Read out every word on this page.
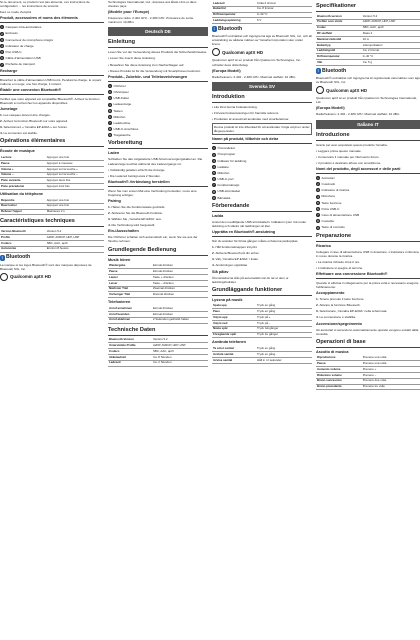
Si ce document, ce produit n'est pas alimenté, ces instructions de configuration ... les instructions de sécurité

lisez ce mode d'emploi

Produit, accessoires et noms des éléments
1 Casques intra-auriculaires
2 Embouts
3 Connecteur de microphone intégré
4 Indicateur de charge
5 Port USB-C
6 Câble d'alimentation USB
7 Pochette de transport
Recharge

Branchez le câble d'alimentation USB fourni. Pendant la charge, le voyant s'allume en rouge; une fois chargé, il s'éteint.

Établir une connexion Bluetooth®

Vérifiez que votre appareil est compatible Bluetooth®. Activez la fonction Bluetooth et recherchez les appareils disponibles.

Jumelage
1. Les casques doivent être chargés.
2. Activez la fonction Bluetooth sur votre appareil.
3. Sélectionnez « Yamaha EP-E30A » sur l'écran.
4. La connexion est établie.
Opérations élémentaires
Écoute de musique
Lecture	Appuyez une fois
Pause	Appuyez à nouveau
Volume +	Appuyez sur la touche +
Volume −	Appuyez sur la touche −
Piste suivante	Appuyez deux fois
Piste précédente	Appuyez trois fois
Utilisation du téléphone
Répondre	Appuyez une fois
Raccrocher	Appuyez une fois
Refuser l'appel	Maintenez 2 s
Caractéristiques techniques
Version Bluetooth	Version 5.2
Profils	A2DP, AVRCP, HFP, HSP
Codecs	SBC, AAC, aptX
Autonomie	Environ 8 heures
ᛒ Bluetooth

La marque et les logos Bluetooth® sont des marques déposées de Bluetooth SIG, Inc.

Qualcomm aptX HD

Technologies International, Ltd., déposée aux États-Unis et dans d'autres pays.

(Modèle pour l'Europe)

Fréquence radio: 2.402 GHz - 2.480 GHz. Puissance de sortie maximum: 10 dBm

Deutsch DE
Einleitung

Lesen Sie vor der Verwendung dieses Produkts die Sicherheitshinweise.

• Lesen Sie zuerst diese Anleitung.
• Bewahren Sie diese Anleitung zum Nachschlagen auf.
• Dieses Produkt ist für die Verwendung mit Smartphones bestimmt.
Produkt-, Zubehör- und Teilebezeichnungen
1 Ohrhörer
2 Ohrstöpsel
3 USB-Kabel
4 Ladeanzeige
5 Tasten
6 Mikrofon
7 Ladebuchse
8 USB-C-Anschluss
9 Tragetasche
Vorbereitung
Laden

Schließen Sie das mitgelieferte USB-Stromversorgungskabel an. Die Ladeanzeige leuchtet während des Ladevorgangs rot.

• Vollständig geladen erlischt die Anzeige.
• Die Ladezeit beträgt etwa 2 Stunden.
Bluetooth®-Verbindung herstellen

Wenn Sie zum ersten Mal eine Verbindung herstellen, muss eine Kopplung erfolgen.

Pairing
1. Halten Sie die Funktionstaste gedrückt.
2. Aktivieren Sie die Bluetooth-Funktion.
3. Wählen Sie „Yamaha EP-E30A“ aus.
4. Die Verbindung wird hergestellt.
Ein-/Ausschalten

Die Ohrhörer schalten sich automatisch ein, wenn Sie sie aus der Tasche nehmen.

Grundlegende Bedienung
Musik hören
Wiedergabe	Einmal drücken
Pause	Einmal drücken
Lauter	Taste + drücken
Leiser	Taste − drücken
Nächster Titel	Zweimal drücken
Vorheriger Titel	Dreimal drücken
Telefonieren
Anruf annehmen	Einmal drücken
Anruf beenden	Einmal drücken
Anruf ablehnen	2 Sekunden gedrückt halten
Technische Daten
Bluetooth-Version	Version 5.2
Unterstützte Profile	A2DP, AVRCP, HFP, HSP
Codecs	SBC, AAC, aptX
Akkulaufzeit	Ca. 8 Stunden
Ladezeit	Ca. 2 Stunden
Ladezeit	Cirka 2 timmar
Batteritid	Ca. 8 timmar
Driftstemperatur	0–40 °C
Laddningsspänning	5 V
ᛒ Bluetooth

Bluetooth®-ordmärket och logotyperna ägs av Bluetooth SIG, Inc. och all användning av sådana märken av Yamaha Corporation sker under licens.

Qualcomm aptX HD

Qualcomm aptX är en produkt från Qualcomm Technologies, Inc. och/eller dess dotterbolag.

(Europa Modell)

Radiofrekvens: 2.402 - 2.480 GHz. Maximal uteffekt: 10 dBm

Svenska SV
Introduktion
• Läs först denna bruksanvisning.
• Förvara bruksanvisningen för framtida referens.
• Produkten är avsedd att användas med smarttelefoner.

Denna produkt är inte tillverkad för att användas i höga volymer under långa perioder.

Namn på produkt, tillbehör och delar
1 Öronsnäckor
2 Öronproppar
3 Indikator för laddning
4 Laddare
5 Mikrofon
6 USB-C-port
7 Funktionsknapp
8 USB-strömkabel
9 Bärväska
Förberedande
Ladda

Anslut den medföljande USB-strömkabeln. Indikatorn lyser rött under laddning och släcks när laddningen är klar.

Upprätta en Bluetooth®-anslutning

När du ansluter för första gången måste enheterna parkopplas.

1. Håll funktionsknappen intryckt.
2. Aktivera Bluetooth på din enhet.
3. Välj „Yamaha EP-E30A“ i listan.
4. Anslutningen upprättas.
Slå på/av

Öronsnäckorna slås på automatiskt när du tar ut dem ur laddningsfodralet.

Grundläggande funktioner
Lyssna på musik
Spela upp	Tryck en gång
Paus	Tryck en gång
Volym upp	Tryck på +
Volym ned	Tryck på −
Nästa spår	Tryck två gånger
Föregående spår	Tryck tre gånger
Använda telefonen
Ta emot samtal	Tryck en gång
Avsluta samtal	Tryck en gång
Avvisa samtal	Håll in i 2 sekunder
Specifikationer
Bluetooth-version	Version 5.2
Profiler som stöds	A2DP, AVRCP, HFP, HSP
Codec	SBC, AAC, aptX
RF uteffekt	Klass 2
Maximal räckvidd	10 m
Batterityp	Litiumjonbatteri
Laddningstid	Ca. 2 timmar
Driftstemperatur	0–40 °C
Vikt	Ca. 5 g
ᛒ Bluetooth

Bluetooth®-ordmärket och logotyperna är registrerade varumärken som ägs av Bluetooth SIG, Inc.

Qualcomm aptX HD

Qualcomm aptX är en produkt från Qualcomm Technologies International, Ltd.

(Europa Modell)

Radiofrekvens: 2.402 - 2.480 GHz. Maximal uteffekt: 10 dBm

Italiano IT
Introduzione

Grazie per aver acquistato questo prodotto Yamaha.

• Leggere prima questo manuale.
• Conservare il manuale per riferimento futuro.
• Il prodotto è destinato all'uso con smartphone.
Nomi del prodotto, degli accessori e delle parti
1 Auricolari
2 Cuscinetti
3 Indicatore di ricarica
4 Microfono
5 Tasto funzione
6 Porta USB-C
7 Cavo di alimentazione USB
8 Custodia
9 Tasto di controllo
Preparazione
Ricarica

Collegare il cavo di alimentazione USB in dotazione. L'indicatore si illumina in rosso durante la ricarica.

• La ricarica richiede circa 2 ore.
• L'indicatore si spegne al termine.
Effettuare una connessione Bluetooth®

Quando si effettua il collegamento per la prima volta è necessario eseguire l'abbinamento.

Accoppiamento
1. Tenere premuto il tasto funzione.
2. Attivare la funzione Bluetooth.
3. Selezionare „Yamaha EP-E30A“ nella schermata.
4. La connessione è stabilita.
Accensione/spegnimento

Gli auricolari si accendono automaticamente quando vengono estratti dalla custodia.

Operazioni di base
Ascolto di musica
Riproduzione	Premere una volta
Pausa	Premere una volta
Aumento volume	Premere +
Riduzione volume	Premere −
Brano successivo	Premere due volte
Brano precedente	Premere tre volte
